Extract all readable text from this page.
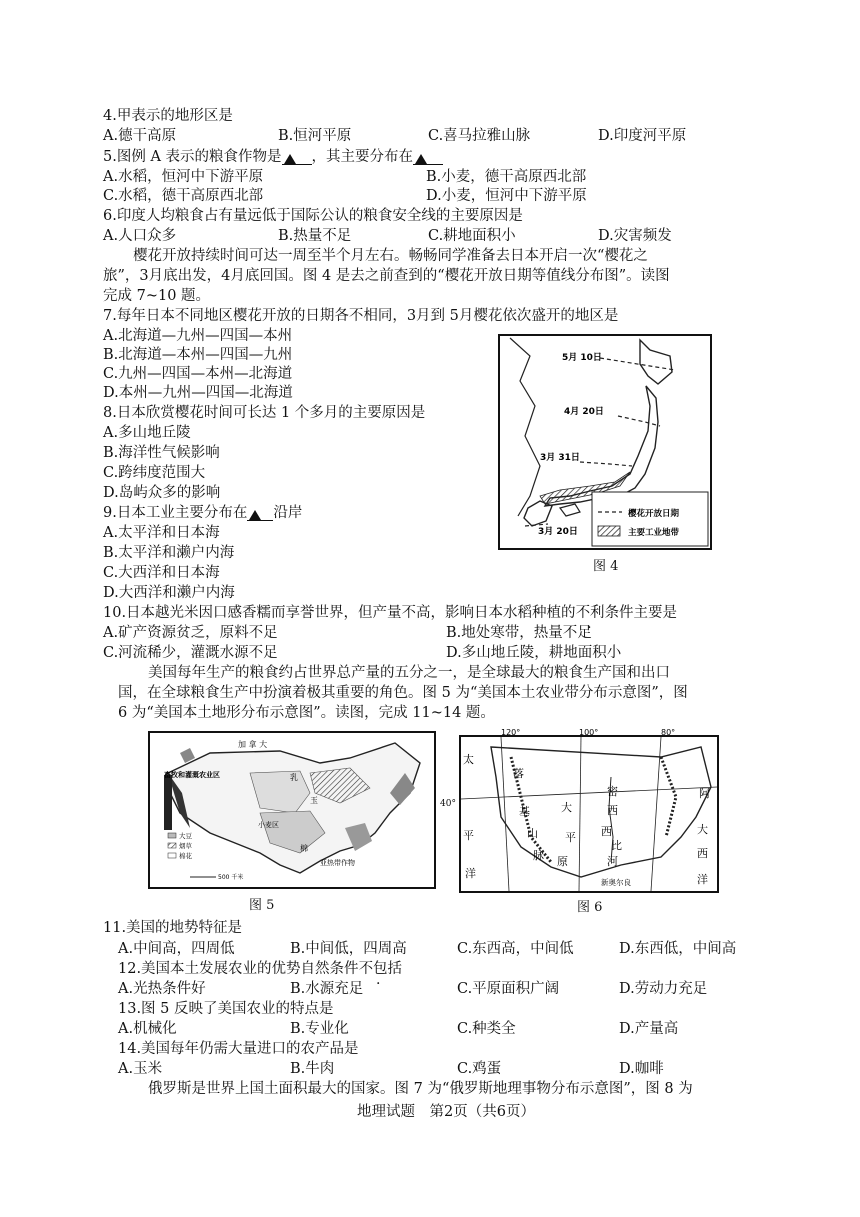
4.甲表示的地形区是
A.德干高原	B.恒河平原	C.喜马拉雅山脉	D.印度河平原
5.图例 A 表示的粮食作物是 ，其主要分布在
A.水稻，恒河中下游平原	B.小麦，德干高原西北部
C.水稻，德干高原西北部	D.小麦，恒河中下游平原
6.印度人均粮食占有量远低于国际公认的粮食安全线的主要原因是
A.人口众多	B.热量不足	C.耕地面积小	D.灾害频发
樱花开放持续时间可达一周至半个月左右。畅畅同学准备去日本开启一次“樱花之
旅”，3月底出发，4月底回国。图 4 是去之前查到的“樱花开放日期等值线分布图”。读图
完成 7~10 题。
7.每年日本不同地区樱花开放的日期各不相同，3月到 5月樱花依次盛开的地区是
A.北海道—九州—四国—本州
B.北海道—本州—四国—九州
C.九州—四国—本州—北海道
D.本州—九州—四国—北海道
8.日本欣赏樱花时间可长达 1 个多月的主要原因是
A.多山地丘陵
B.海洋性气候影响
C.跨纬度范围大
D.岛屿众多的影响
9.日本工业主要分布在 沿岸
A.太平洋和日本海
B.太平洋和濑户内海
C.大西洋和日本海
D.大西洋和濑户内海
5月 10日
4月 20日
3月 31日
3月 20日
樱花开放日期
主要工业地带
图 4
10.日本越光米因口感香糯而享誉世界，但产量不高，影响日本水稻种植的不利条件主要是
A.矿产资源贫乏，原料不足	B.地处寒带，热量不足
C.河流稀少，灌溉水源不足	D.多山地丘陵，耕地面积小
美国每年生产的粮食约占世界总产量的五分之一，是全球最大的粮食生产国和出口
国，在全球粮食生产中扮演着极其重要的角色。图 5 为“美国本土农业带分布示意图”，图
6 为“美国本土地形分布示意图”。读图，完成 11~14 题。
加 拿 大
畜牧和灌溉农业区	乳
玉
小麦区
棉
亚热带作物
大豆
烟草
棉花
500 千米
图 5
120°	100°	80°
太
平
洋
落
基
山
脉
大
平
原
密
西
西
比
河
阿
大
西
洋
新奥尔良
40°
图 6
11.美国的地势特征是
A.中间高，四周低	B.中间低，四周高	C.东西高，中间低	D.东西低，中间高
12.美国本土发展农业的优势自然条件不包括
A.光热条件好	B.水源充足	C.平原面积广阔	D.劳动力充足
13.图 5 反映了美国农业的特点是
A.机械化	B.专业化	C.种类全	D.产量高
14.美国每年仍需大量进口的农产品是
A.玉米	B.牛肉	C.鸡蛋	D.咖啡
俄罗斯是世界上国土面积最大的国家。图 7 为“俄罗斯地理事物分布示意图”，图 8 为
地理试题　第2页（共6页）
